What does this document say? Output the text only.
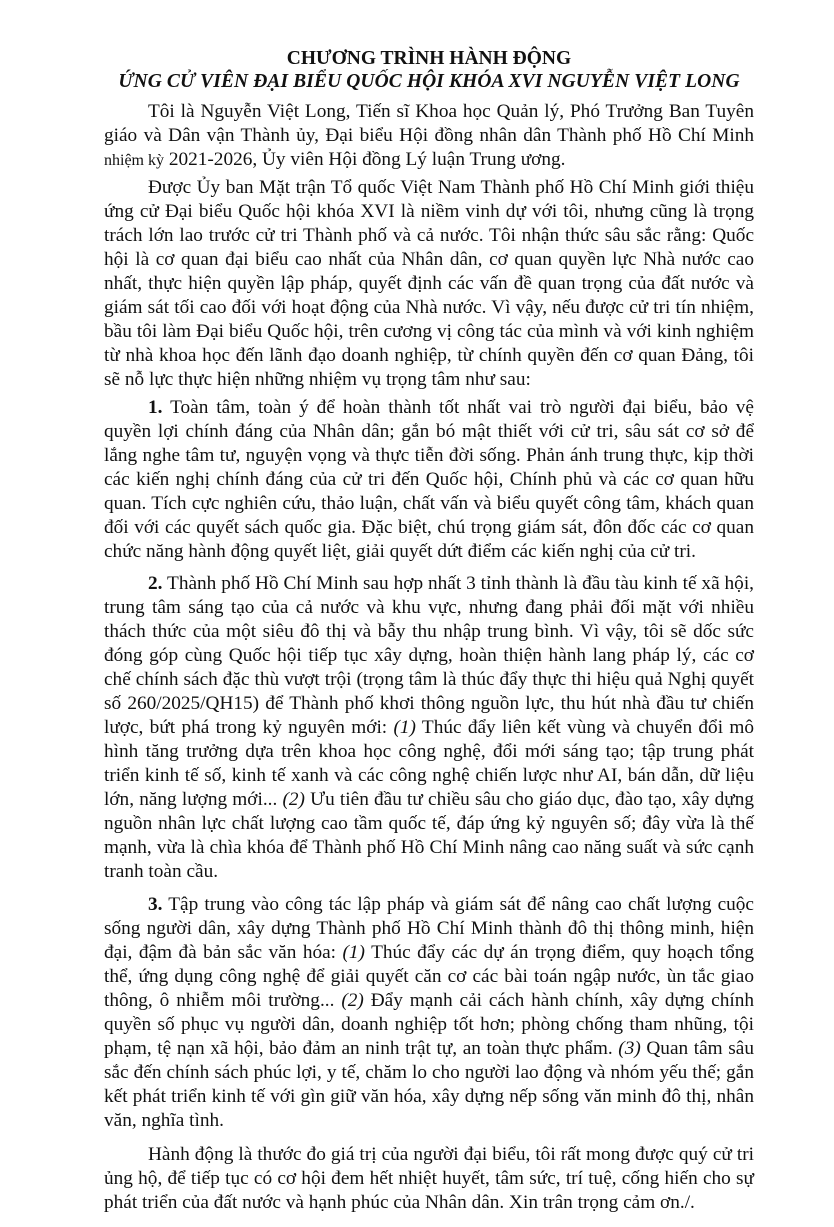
CHƯƠNG TRÌNH HÀNH ĐỘNG
ỨNG CỬ VIÊN ĐẠI BIỂU QUỐC HỘI KHÓA XVI NGUYỄN VIỆT LONG

Tôi là Nguyễn Việt Long, Tiến sĩ Khoa học Quản lý, Phó Trưởng Ban Tuyên giáo và Dân vận Thành ủy, Đại biểu Hội đồng nhân dân Thành phố Hồ Chí Minh nhiệm kỳ 2021-2026, Ủy viên Hội đồng Lý luận Trung ương.

Được Ủy ban Mặt trận Tổ quốc Việt Nam Thành phố Hồ Chí Minh giới thiệu ứng cử Đại biểu Quốc hội khóa XVI là niềm vinh dự với tôi, nhưng cũng là trọng trách lớn lao trước cử tri Thành phố và cả nước. Tôi nhận thức sâu sắc rằng: Quốc hội là cơ quan đại biểu cao nhất của Nhân dân, cơ quan quyền lực Nhà nước cao nhất, thực hiện quyền lập pháp, quyết định các vấn đề quan trọng của đất nước và giám sát tối cao đối với hoạt động của Nhà nước. Vì vậy, nếu được cử tri tín nhiệm, bầu tôi làm Đại biểu Quốc hội, trên cương vị công tác của mình và với kinh nghiệm từ nhà khoa học đến lãnh đạo doanh nghiệp, từ chính quyền đến cơ quan Đảng, tôi sẽ nỗ lực thực hiện những nhiệm vụ trọng tâm như sau:

1. Toàn tâm, toàn ý để hoàn thành tốt nhất vai trò người đại biểu, bảo vệ quyền lợi chính đáng của Nhân dân; gắn bó mật thiết với cử tri, sâu sát cơ sở để lắng nghe tâm tư, nguyện vọng và thực tiễn đời sống. Phản ánh trung thực, kịp thời các kiến nghị chính đáng của cử tri đến Quốc hội, Chính phủ và các cơ quan hữu quan. Tích cực nghiên cứu, thảo luận, chất vấn và biểu quyết công tâm, khách quan đối với các quyết sách quốc gia. Đặc biệt, chú trọng giám sát, đôn đốc các cơ quan chức năng hành động quyết liệt, giải quyết dứt điểm các kiến nghị của cử tri.

2. Thành phố Hồ Chí Minh sau hợp nhất 3 tỉnh thành là đầu tàu kinh tế xã hội, trung tâm sáng tạo của cả nước và khu vực, nhưng đang phải đối mặt với nhiều thách thức của một siêu đô thị và bẫy thu nhập trung bình. Vì vậy, tôi sẽ dốc sức đóng góp cùng Quốc hội tiếp tục xây dựng, hoàn thiện hành lang pháp lý, các cơ chế chính sách đặc thù vượt trội (trọng tâm là thúc đẩy thực thi hiệu quả Nghị quyết số 260/2025/QH15) để Thành phố khơi thông nguồn lực, thu hút nhà đầu tư chiến lược, bứt phá trong kỷ nguyên mới: (1) Thúc đẩy liên kết vùng và chuyển đổi mô hình tăng trưởng dựa trên khoa học công nghệ, đổi mới sáng tạo; tập trung phát triển kinh tế số, kinh tế xanh và các công nghệ chiến lược như AI, bán dẫn, dữ liệu lớn, năng lượng mới... (2) Ưu tiên đầu tư chiều sâu cho giáo dục, đào tạo, xây dựng nguồn nhân lực chất lượng cao tầm quốc tế, đáp ứng kỷ nguyên số; đây vừa là thế mạnh, vừa là chìa khóa để Thành phố Hồ Chí Minh nâng cao năng suất và sức cạnh tranh toàn cầu.

3. Tập trung vào công tác lập pháp và giám sát để nâng cao chất lượng cuộc sống người dân, xây dựng Thành phố Hồ Chí Minh thành đô thị thông minh, hiện đại, đậm đà bản sắc văn hóa: (1) Thúc đẩy các dự án trọng điểm, quy hoạch tổng thể, ứng dụng công nghệ để giải quyết căn cơ các bài toán ngập nước, ùn tắc giao thông, ô nhiễm môi trường... (2) Đẩy mạnh cải cách hành chính, xây dựng chính quyền số phục vụ người dân, doanh nghiệp tốt hơn; phòng chống tham nhũng, tội phạm, tệ nạn xã hội, bảo đảm an ninh trật tự, an toàn thực phẩm. (3) Quan tâm sâu sắc đến chính sách phúc lợi, y tế, chăm lo cho người lao động và nhóm yếu thế; gắn kết phát triển kinh tế với gìn giữ văn hóa, xây dựng nếp sống văn minh đô thị, nhân văn, nghĩa tình.

Hành động là thước đo giá trị của người đại biểu, tôi rất mong được quý cử tri ủng hộ, để tiếp tục có cơ hội đem hết nhiệt huyết, tâm sức, trí tuệ, cống hiến cho sự phát triển của đất nước và hạnh phúc của Nhân dân. Xin trân trọng cảm ơn./.
